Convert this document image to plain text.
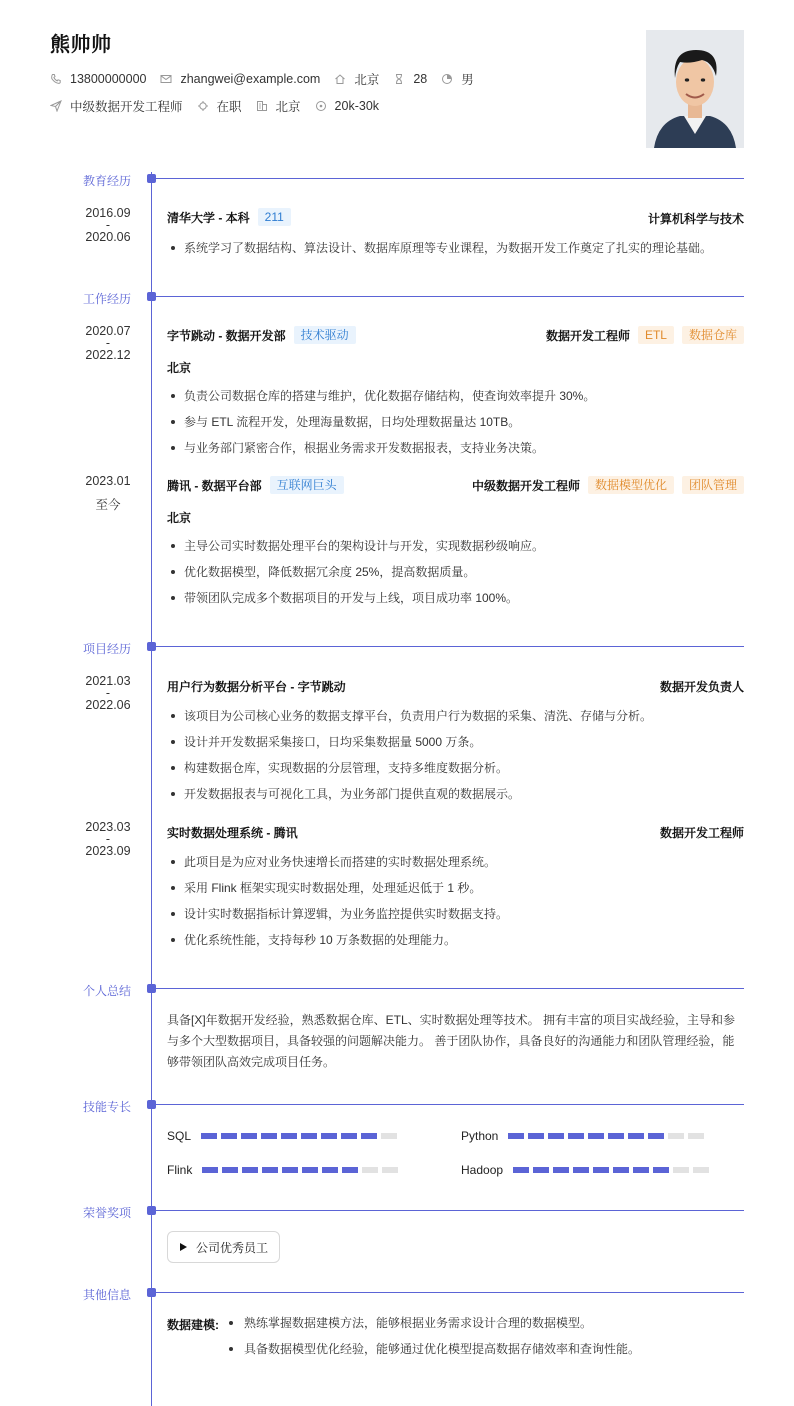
熊帅帅
13800000000	zhangwei@example.com	北京	28	男
中级数据开发工程师	在职	北京	20k-30k
教育经历
2016.09
-
2020.06
清华大学 - 本科	211	计算机科学与技术
系统学习了数据结构、算法设计、数据库原理等专业课程，为数据开发工作奠定了扎实的理论基础。
工作经历
2020.07
-
2022.12
字节跳动 - 数据开发部	技术驱动	数据开发工程师	ETL	数据仓库
北京
负责公司数据仓库的搭建与维护，优化数据存储结构，使查询效率提升 30%。
参与 ETL 流程开发，处理海量数据，日均处理数据量达 10TB。
与业务部门紧密合作，根据业务需求开发数据报表，支持业务决策。
2023.01
至今
腾讯 - 数据平台部	互联网巨头	中级数据开发工程师	数据模型优化	团队管理
北京
主导公司实时数据处理平台的架构设计与开发，实现数据秒级响应。
优化数据模型，降低数据冗余度 25%，提高数据质量。
带领团队完成多个数据项目的开发与上线，项目成功率 100%。
项目经历
2021.03
-
2022.06
用户行为数据分析平台 - 字节跳动	数据开发负责人
该项目为公司核心业务的数据支撑平台，负责用户行为数据的采集、清洗、存储与分析。
设计并开发数据采集接口，日均采集数据量 5000 万条。
构建数据仓库，实现数据的分层管理，支持多维度数据分析。
开发数据报表与可视化工具，为业务部门提供直观的数据展示。
2023.03
-
2023.09
实时数据处理系统 - 腾讯	数据开发工程师
此项目是为应对业务快速增长而搭建的实时数据处理系统。
采用 Flink 框架实现实时数据处理，处理延迟低于 1 秒。
设计实时数据指标计算逻辑，为业务监控提供实时数据支持。
优化系统性能，支持每秒 10 万条数据的处理能力。
个人总结
具备[X]年数据开发经验，熟悉数据仓库、ETL、实时数据处理等技术。 拥有丰富的项目实战经验，主导和参与多个大型数据项目，具备较强的问题解决能力。 善于团队协作，具备良好的沟通能力和团队管理经验，能够带领团队高效完成项目任务。
技能专长
SQL	Python
Flink	Hadoop
荣誉奖项
公司优秀员工
其他信息
数据建模:	熟练掌握数据建模方法，能够根据业务需求设计合理的数据模型。
具备数据模型优化经验，能够通过优化模型提高数据存储效率和查询性能。
